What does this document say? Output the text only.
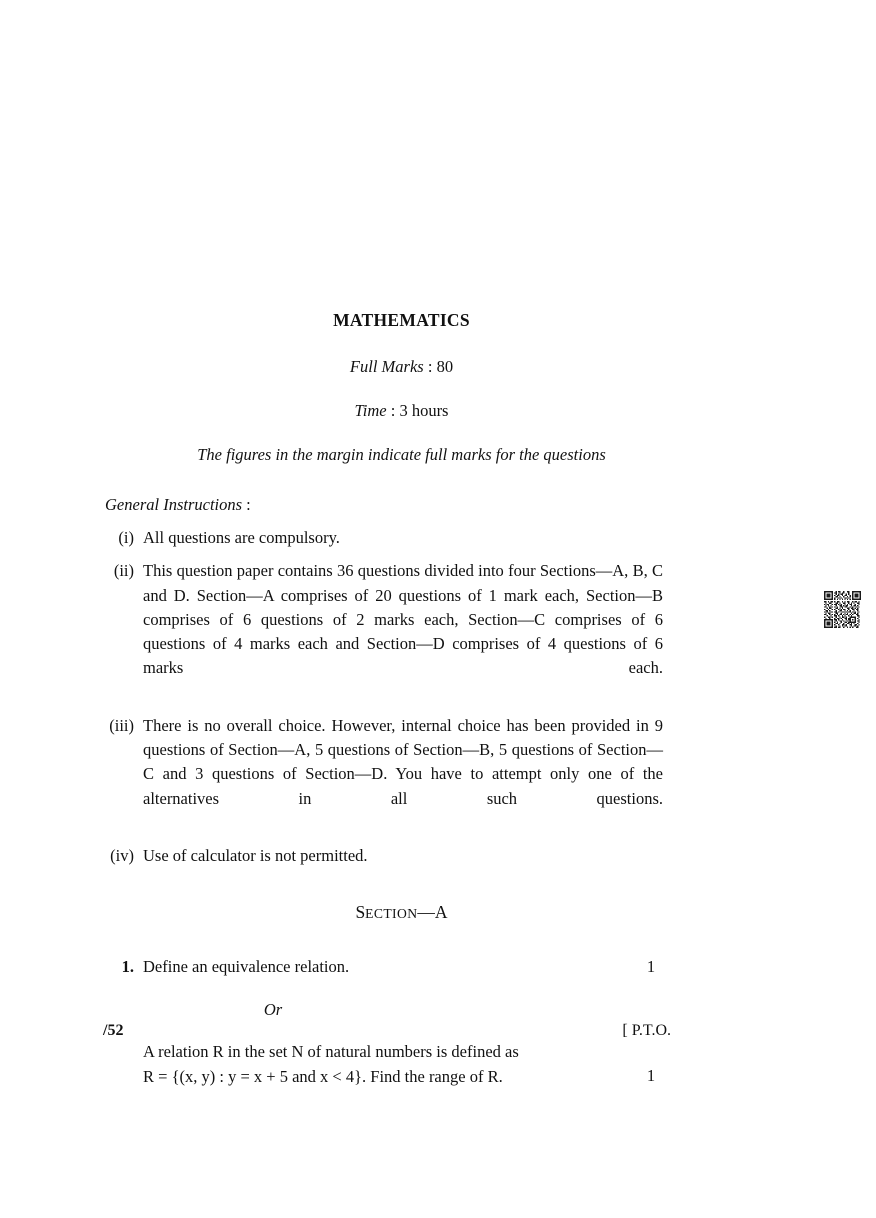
MATHEMATICS

Full Marks : 80

Time : 3 hours

The figures in the margin indicate full marks for the questions

General Instructions :

(i) All questions are compulsory.
(ii) This question paper contains 36 questions divided into four Sections—A, B, C and D. Section—A comprises of 20 questions of 1 mark each, Section—B comprises of 6 questions of 2 marks each, Section—C comprises of 6 questions of 4 marks each and Section—D comprises of 4 questions of 6 marks each.
(iii) There is no overall choice. However, internal choice has been provided in 9 questions of Section—A, 5 questions of Section—B, 5 questions of Section—C and 3 questions of Section—D. You have to attempt only one of the alternatives in all such questions.
(iv) Use of calculator is not permitted.

SECTION—A

1. Define an equivalence relation.	1
Or
A relation R in the set N of natural numbers is defined as
R = {(x, y) : y = x + 5 and x < 4}. Find the range of R.	1
/52	[ P.T.O.
